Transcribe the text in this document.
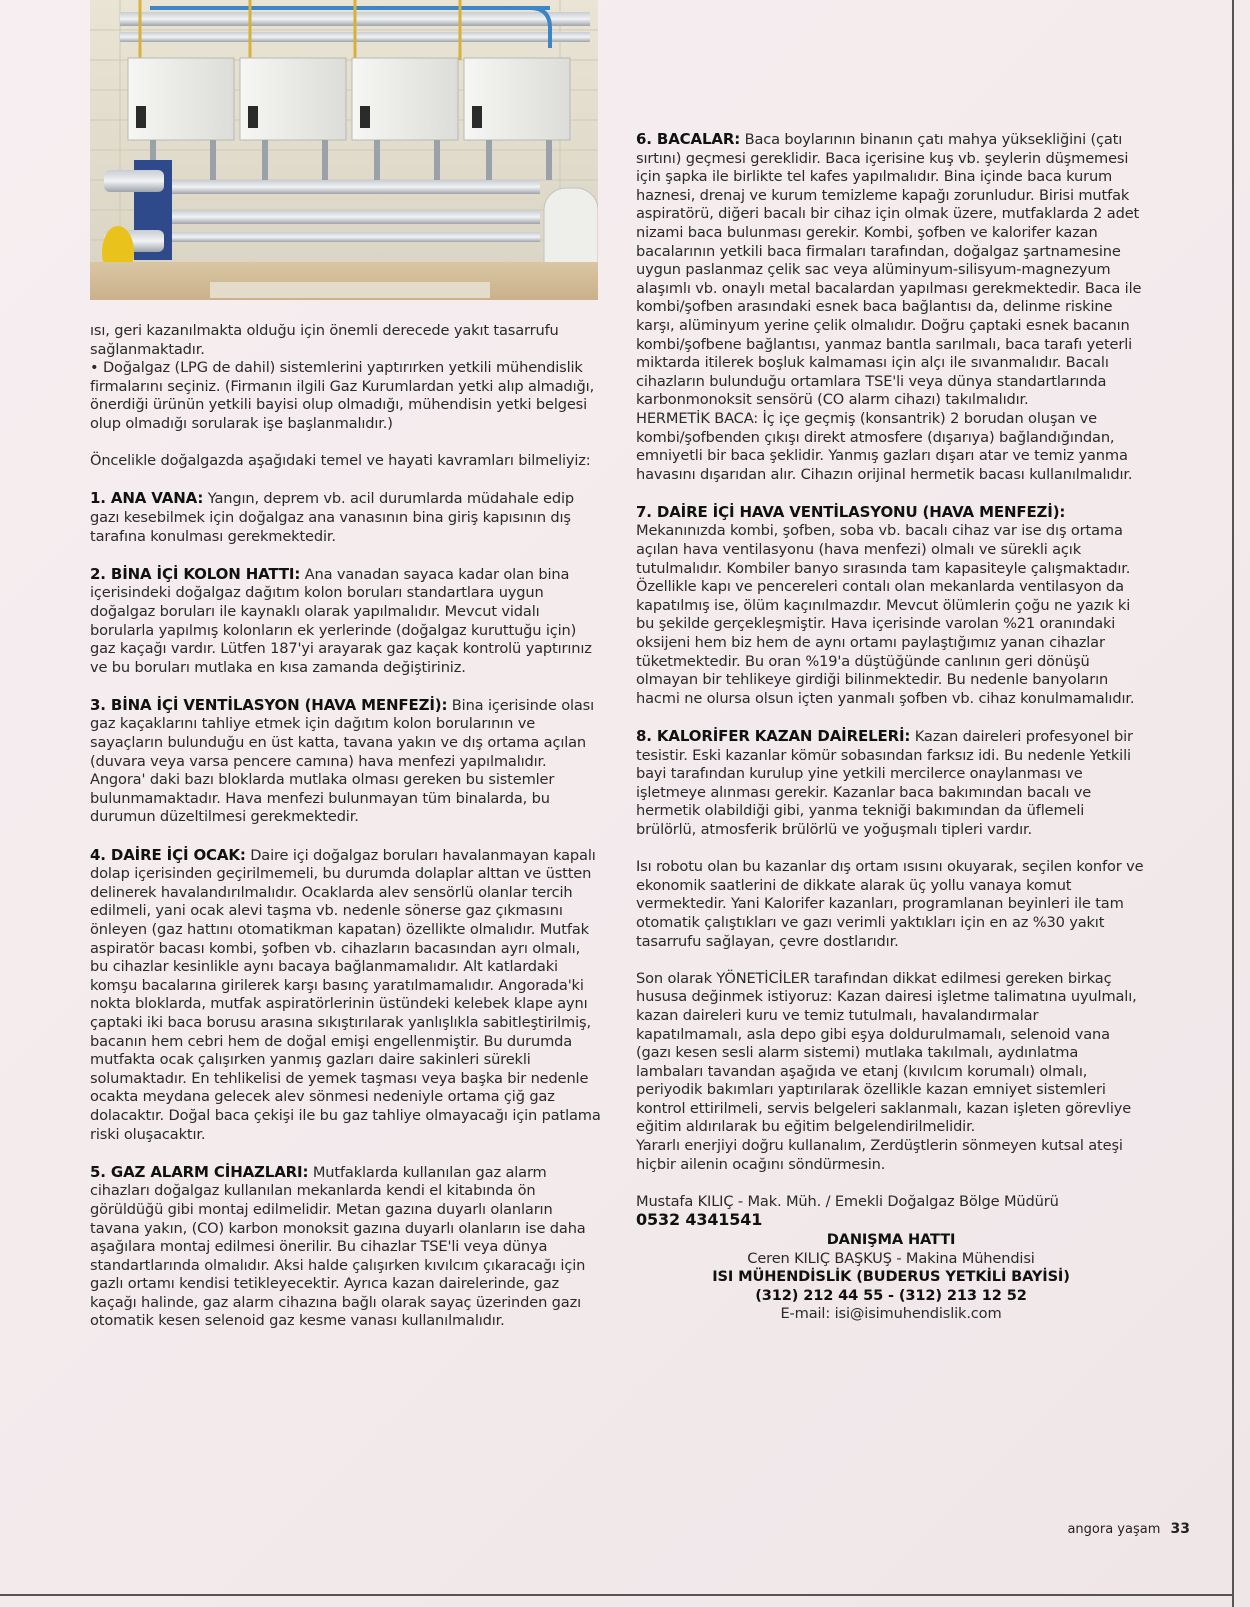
ısı, geri kazanılmakta olduğu için önemli derecede yakıt tasarrufu sağlanmaktadır.

• Doğalgaz (LPG de dahil) sistemlerini yaptırırken yetkili mühendislik firmalarını seçiniz. (Firmanın ilgili Gaz Kurumlardan yetki alıp almadığı, önerdiği ürünün yetkili bayisi olup olmadığı, mühendisin yetki belgesi olup olmadığı sorularak işe başlanmalıdır.)

Öncelikle doğalgazda aşağıdaki temel ve hayati kavramları bilmeliyiz:

1. ANA VANA: Yangın, deprem vb. acil durumlarda müdahale edip gazı kesebilmek için doğalgaz ana vanasının bina giriş kapısının dış tarafına konulması gerekmektedir.

2. BİNA İÇİ KOLON HATTI: Ana vanadan sayaca kadar olan bina içerisindeki doğalgaz dağıtım kolon boruları standartlara uygun doğalgaz boruları ile kaynaklı olarak yapılmalıdır. Mevcut vidalı borularla yapılmış kolonların ek yerlerinde (doğalgaz kuruttuğu için) gaz kaçağı vardır. Lütfen 187'yi arayarak gaz kaçak kontrolü yaptırınız ve bu boruları mutlaka en kısa zamanda değiştiriniz.

3. BİNA İÇİ VENTİLASYON (HAVA MENFEZİ): Bina içerisinde olası gaz kaçaklarını tahliye etmek için dağıtım kolon borularının ve sayaçların bulunduğu en üst katta, tavana yakın ve dış ortama açılan (duvara veya varsa pencere camına) hava menfezi yapılmalıdır. Angora' daki bazı bloklarda mutlaka olması gereken bu sistemler bulunmamaktadır. Hava menfezi bulunmayan tüm binalarda, bu durumun düzeltilmesi gerekmektedir.

4. DAİRE İÇİ OCAK: Daire içi doğalgaz boruları havalanmayan kapalı dolap içerisinden geçirilmemeli, bu durumda dolaplar alttan ve üstten delinerek havalandırılmalıdır. Ocaklarda alev sensörlü olanlar tercih edilmeli, yani ocak alevi taşma vb. nedenle sönerse gaz çıkmasını önleyen (gaz hattını otomatikman kapatan) özellikte olmalıdır. Mutfak aspiratör bacası kombi, şofben vb. cihazların bacasından ayrı olmalı, bu cihazlar kesinlikle aynı bacaya bağlanmamalıdır. Alt katlardaki komşu bacalarına girilerek karşı basınç yaratılmamalıdır. Angorada'ki nokta bloklarda, mutfak aspiratörlerinin üstündeki kelebek klape aynı çaptaki iki baca borusu arasına sıkıştırılarak yanlışlıkla sabitleştirilmiş, bacanın hem cebri hem de doğal emişi engellenmiştir. Bu durumda mutfakta ocak çalışırken yanmış gazları daire sakinleri sürekli solumaktadır. En tehlikelisi de yemek taşması veya başka bir nedenle ocakta meydana gelecek alev sönmesi nedeniyle ortama çiğ gaz dolacaktır. Doğal baca çekişi ile bu gaz tahliye olmayacağı için patlama riski oluşacaktır.

5. GAZ ALARM CİHAZLARI: Mutfaklarda kullanılan gaz alarm cihazları doğalgaz kullanılan mekanlarda kendi el kitabında ön görüldüğü gibi montaj edilmelidir. Metan gazına duyarlı olanların tavana yakın, (CO) karbon monoksit gazına duyarlı olanların ise daha aşağılara montaj edilmesi önerilir. Bu cihazlar TSE'li veya dünya standartlarında olmalıdır. Aksi halde çalışırken kıvılcım çıkaracağı için gazlı ortamı kendisi tetikleyecektir. Ayrıca kazan dairelerinde, gaz kaçağı halinde, gaz alarm cihazına bağlı olarak sayaç üzerinden gazı otomatik kesen selenoid gaz kesme vanası kullanılmalıdır.

6. BACALAR: Baca boylarının binanın çatı mahya yüksekliğini (çatı sırtını) geçmesi gereklidir. Baca içerisine kuş vb. şeylerin düşmemesi için şapka ile birlikte tel kafes yapılmalıdır. Bina içinde baca kurum haznesi, drenaj ve kurum temizleme kapağı zorunludur. Birisi mutfak aspiratörü, diğeri bacalı bir cihaz için olmak üzere, mutfaklarda 2 adet nizami baca bulunması gerekir. Kombi, şofben ve kalorifer kazan bacalarının yetkili baca firmaları tarafından, doğalgaz şartnamesine uygun paslanmaz çelik sac veya alüminyum-silisyum-magnezyum alaşımlı vb. onaylı metal bacalardan yapılması gerekmektedir. Baca ile kombi/şofben arasındaki esnek baca bağlantısı da, delinme riskine karşı, alüminyum yerine çelik olmalıdır. Doğru çaptaki esnek bacanın kombi/şofbene bağlantısı, yanmaz bantla sarılmalı, baca tarafı yeterli miktarda itilerek boşluk kalmaması için alçı ile sıvanmalıdır. Bacalı cihazların bulunduğu ortamlara TSE'li veya dünya standartlarında karbonmonoksit sensörü (CO alarm cihazı) takılmalıdır.

HERMETİK BACA: İç içe geçmiş (konsantrik) 2 borudan oluşan ve kombi/şofbenden çıkışı direkt atmosfere (dışarıya) bağlandığından, emniyetli bir baca şeklidir. Yanmış gazları dışarı atar ve temiz yanma havasını dışarıdan alır. Cihazın orijinal hermetik bacası kullanılmalıdır.

7. DAİRE İÇİ HAVA VENTİLASYONU (HAVA MENFEZİ): Mekanınızda kombi, şofben, soba vb. bacalı cihaz var ise dış ortama açılan hava ventilasyonu (hava menfezi) olmalı ve sürekli açık tutulmalıdır. Kombiler banyo sırasında tam kapasiteyle çalışmaktadır. Özellikle kapı ve pencereleri contalı olan mekanlarda ventilasyon da kapatılmış ise, ölüm kaçınılmazdır. Mevcut ölümlerin çoğu ne yazık ki bu şekilde gerçekleşmiştir. Hava içerisinde varolan %21 oranındaki oksijeni hem biz hem de aynı ortamı paylaştığımız yanan cihazlar tüketmektedir. Bu oran %19'a düştüğünde canlının geri dönüşü olmayan bir tehlikeye girdiği bilinmektedir. Bu nedenle banyoların hacmi ne olursa olsun içten yanmalı şofben vb. cihaz konulmamalıdır.

8. KALORİFER KAZAN DAİRELERİ: Kazan daireleri profesyonel bir tesistir. Eski kazanlar kömür sobasından farksız idi. Bu nedenle Yetkili bayi tarafından kurulup yine yetkili mercilerce onaylanması ve işletmeye alınması gerekir. Kazanlar baca bakımından bacalı ve hermetik olabildiği gibi, yanma tekniği bakımından da üflemeli brülörlü, atmosferik brülörlü ve yoğuşmalı tipleri vardır.

Isı robotu olan bu kazanlar dış ortam ısısını okuyarak, seçilen konfor ve ekonomik saatlerini de dikkate alarak üç yollu vanaya komut vermektedir. Yani Kalorifer kazanları, programlanan beyinleri ile tam otomatik çalıştıkları ve gazı verimli yaktıkları için en az %30 yakıt tasarrufu sağlayan, çevre dostlarıdır.

Son olarak YÖNETİCİLER tarafından dikkat edilmesi gereken birkaç hususa değinmek istiyoruz: Kazan dairesi işletme talimatına uyulmalı, kazan daireleri kuru ve temiz tutulmalı, havalandırmalar kapatılmamalı, asla depo gibi eşya doldurulmamalı, selenoid vana (gazı kesen sesli alarm sistemi) mutlaka takılmalı, aydınlatma lambaları tavandan aşağıda ve etanj (kıvılcım korumalı) olmalı, periyodik bakımları yaptırılarak özellikle kazan emniyet sistemleri kontrol ettirilmeli, servis belgeleri saklanmalı, kazan işleten görevliye eğitim aldırılarak bu eğitim belgelendirilmelidir.

Yararlı enerjiyi doğru kullanalım, Zerdüştlerin sönmeyen kutsal ateşi hiçbir ailenin ocağını söndürmesin.

Mustafa KILIÇ - Mak. Müh. / Emekli Doğalgaz Bölge Müdürü

0532 4341541

DANIŞMA HATTI

Ceren KILIÇ BAŞKUŞ - Makina Mühendisi

ISI MÜHENDİSLİK (BUDERUS YETKİLİ BAYİSİ)

(312) 212 44 55 - (312) 213 12 52

E-mail: isi@isimuhendislik.com

angora yaşam 33
